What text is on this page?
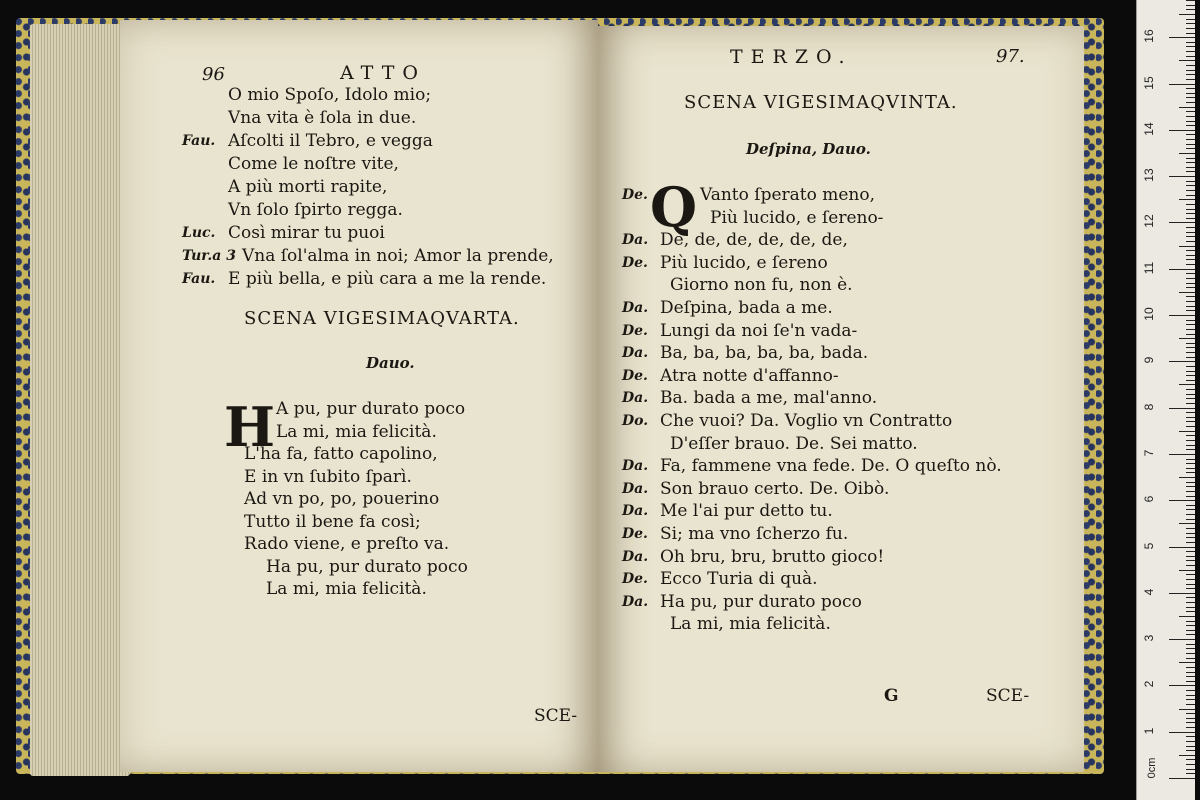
96	ATTO
O mio Spoſo, Idolo mio;
Vna vita è ſola in due.
Fau. Aſcolti il Tebro, e vegga
Come le noſtre vite,
A più morti rapite,
Vn ſolo ſpirto regga.
Luc. Così mirar tu puoi
Tur.a 3 Vna ſol'alma in noi; Amor la prende,
Fau. E più bella, e più cara a me la rende.
SCENA VIGESIMAQVARTA.
Dauo.
H A pu, pur durato poco
La mi, mia felicità.
L'ha fa, fatto capolino,
E in vn ſubito ſparì.
Ad vn po, po, pouerino
Tutto il bene fa così;
Rado viene, e preſto va.
Ha pu, pur durato poco
La mi, mia felicità.
SCE-
TERZO.	97.
SCENA VIGESIMAQVINTA.
Deſpina, Dauo.
Q
De.	Vanto ſperato meno,
Più lucido, e ſereno-
Da. De, de, de, de, de, de,
De. Più lucido, e ſereno
Giorno non fu, non è.
Da. Deſpina, bada a me.
De. Lungi da noi ſe'n vada-
Da. Ba, ba, ba, ba, ba, bada.
De. Atra notte d'affanno-
Da. Ba. bada a me, mal'anno.
Do. Che vuoi? Da. Voglio vn Contratto
D'eſſer brauo. De. Sei matto.
Da. Fa, fammene vna fede. De. O queſto nò.
Da. Son brauo certo. De. Oibò.
Da. Me l'ai pur detto tu.
De. Si; ma vno ſcherzo fu.
Da. Oh bru, bru, brutto gioco!
De. Ecco Turia di quà.
Da. Ha pu, pur durato poco
La mi, mia felicità.
G	SCE-
1
2
3
4
5
6
7
8
9
10
11
12
13
14
15
16
0cm
